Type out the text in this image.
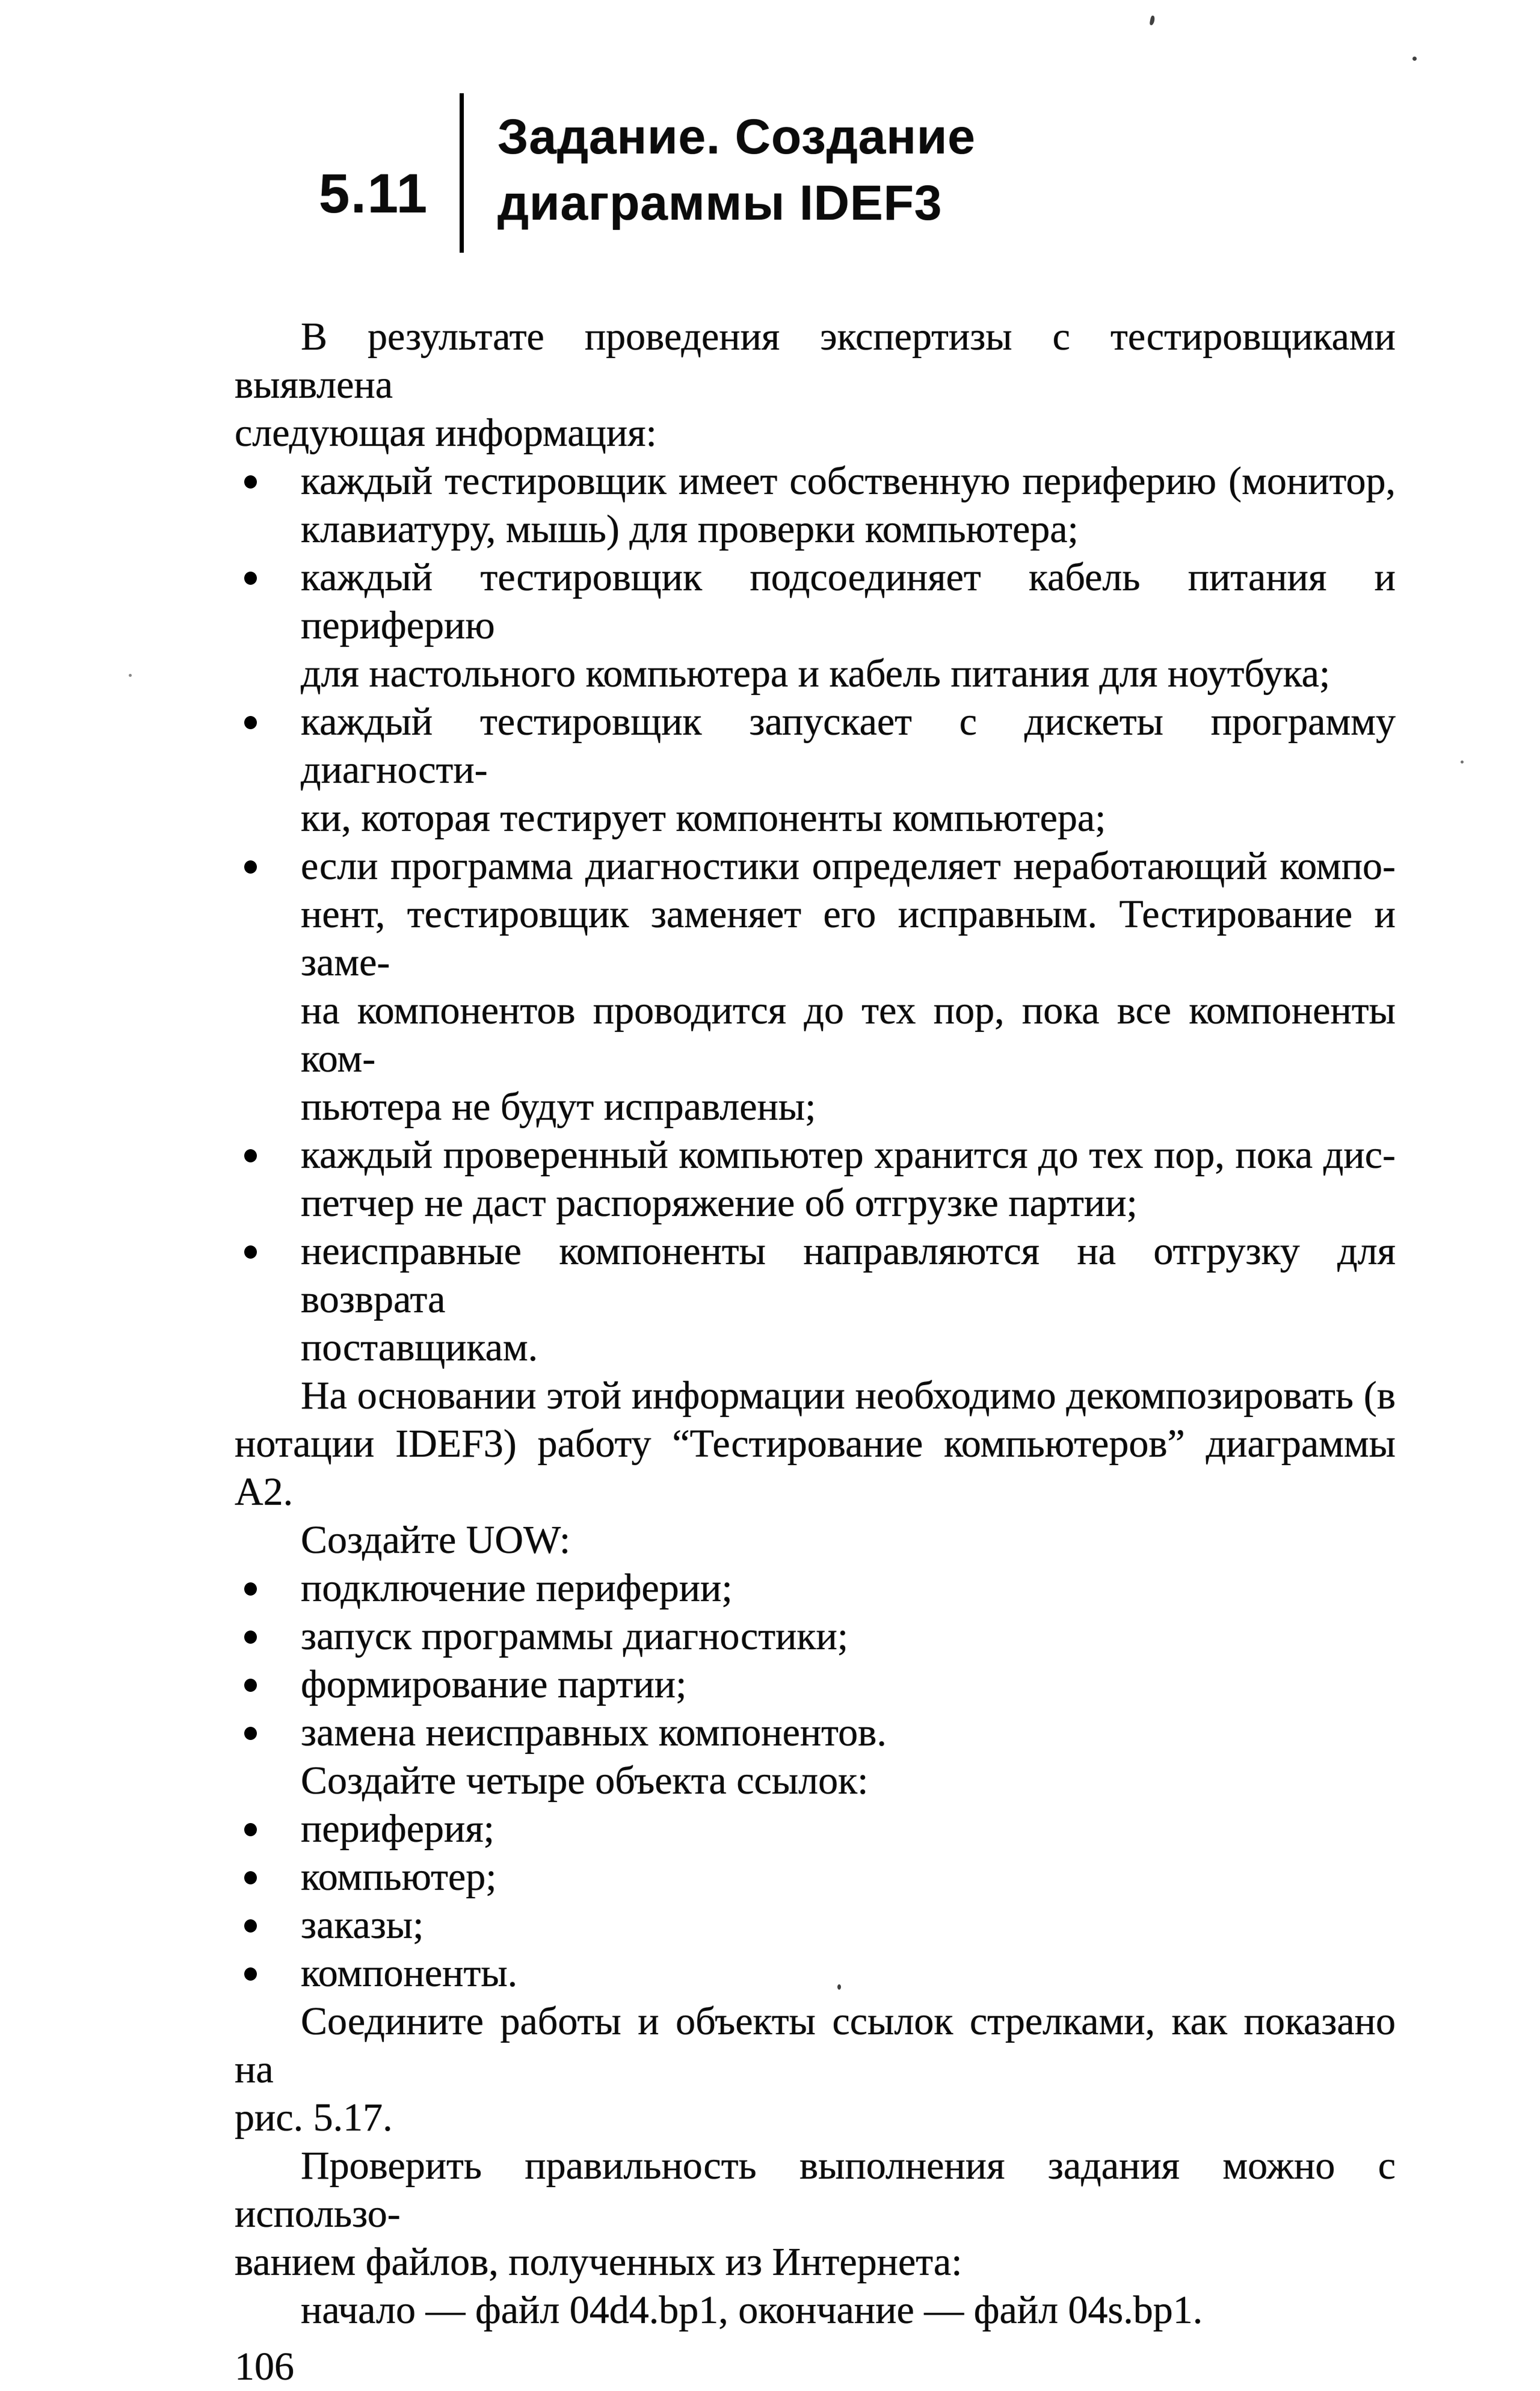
5.11
Задание. Создание
диаграммы IDEF3
В результате проведения экспертизы с тестировщиками выявлена
следующая информация:
каждый тестировщик имеет собственную периферию (монитор,
клавиатуру, мышь) для проверки компьютера;
каждый тестировщик подсоединяет кабель питания и периферию
для настольного компьютера и кабель питания для ноутбука;
каждый тестировщик запускает с дискеты программу диагности-
ки, которая тестирует компоненты компьютера;
если программа диагностики определяет неработающий компо-
нент, тестировщик заменяет его исправным. Тестирование и заме-
на компонентов проводится до тех пор, пока все компоненты ком-
пьютера не будут исправлены;
каждый проверенный компьютер хранится до тех пор, пока дис-
петчер не даст распоряжение об отгрузке партии;
неисправные компоненты направляются на отгрузку для возврата
поставщикам.
На основании этой информации необходимо декомпозировать (в
нотации IDEF3) работу “Тестирование компьютеров” диаграммы А2.
Создайте UOW:
подключение периферии;
запуск программы диагностики;
формирование партии;
замена неисправных компонентов.
Создайте четыре объекта ссылок:
периферия;
компьютер;
заказы;
компоненты.
Соедините работы и объекты ссылок стрелками, как показано на
рис. 5.17.
Проверить правильность выполнения задания можно с использо-
ванием файлов, полученных из Интернета:
начало — файл 04d4.bp1, окончание — файл 04s.bp1.
106
